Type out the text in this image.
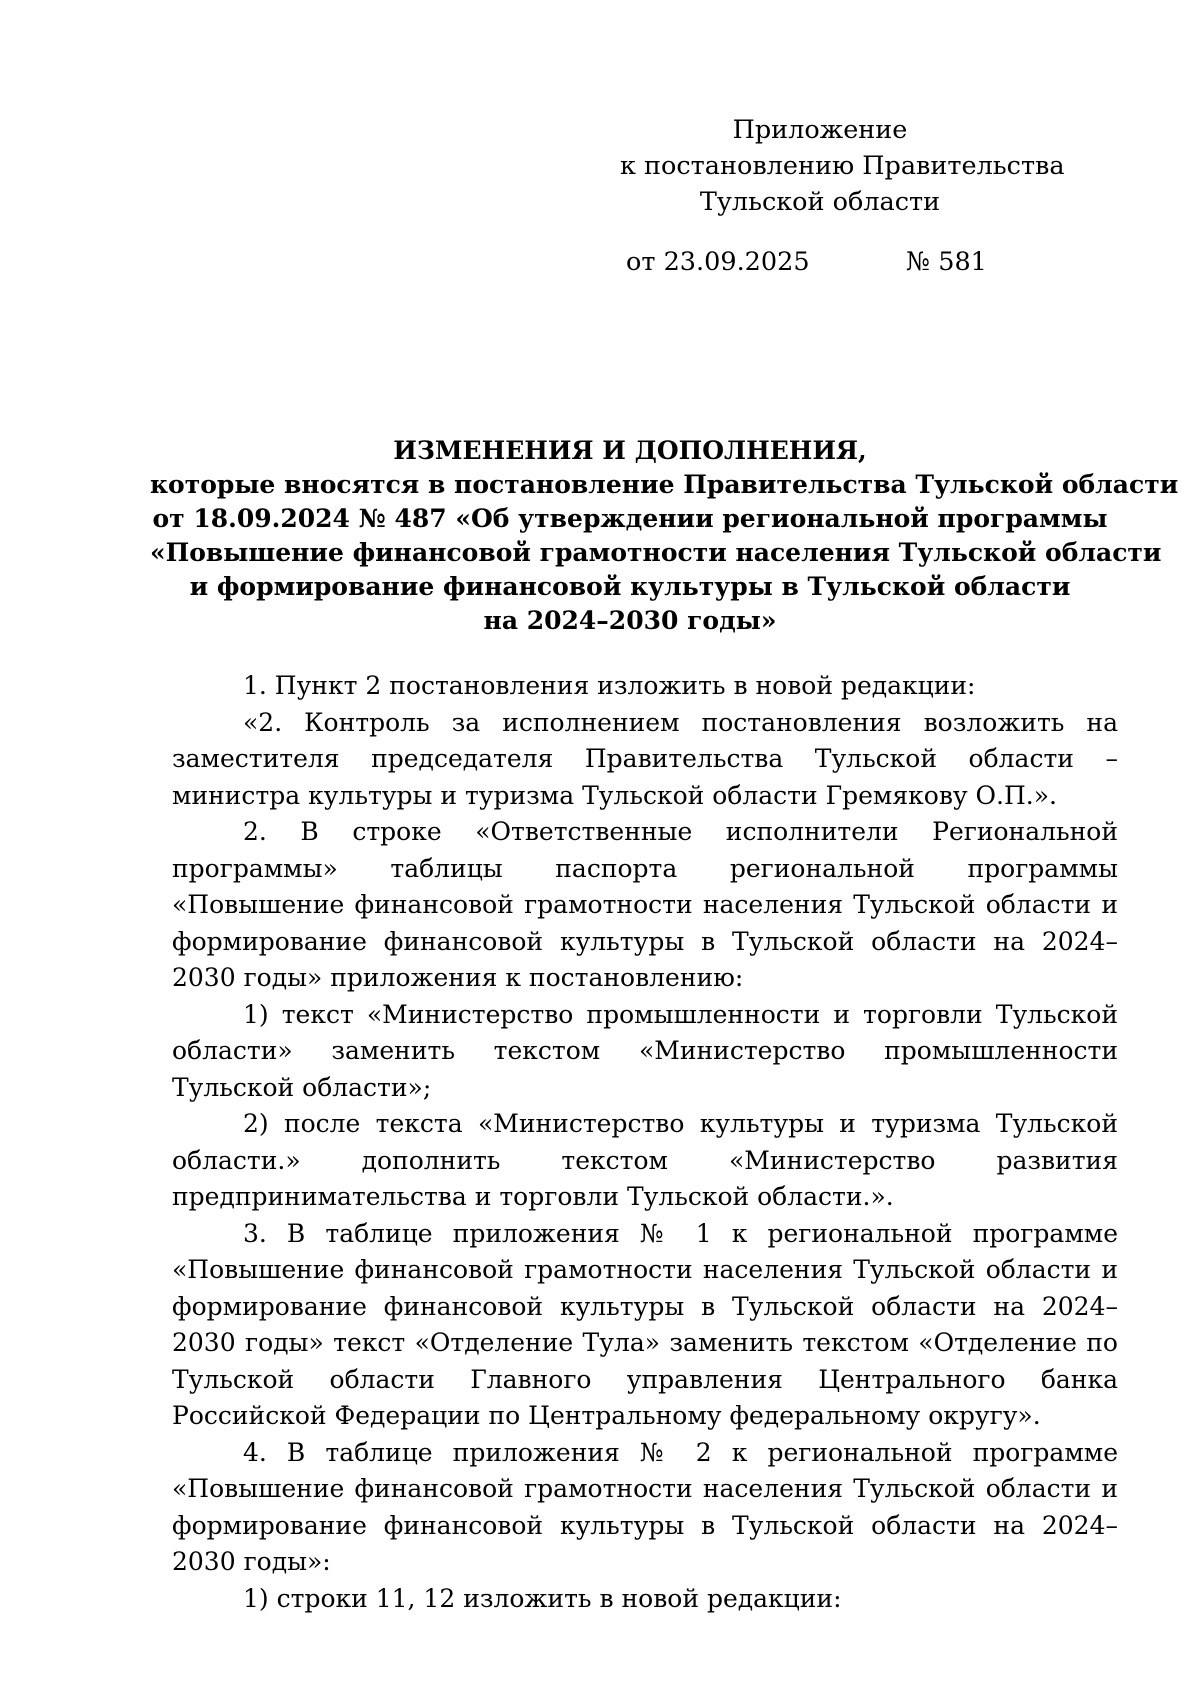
Приложение
к постановлению Правительства
Тульской области
от 23.09.2025	№ 581
ИЗМЕНЕНИЯ И ДОПОЛНЕНИЯ,
которые вносятся в постановление Правительства Тульской области
от 18.09.2024 № 487 «Об утверждении региональной программы
«Повышение финансовой грамотности населения Тульской области
и формирование финансовой культуры в Тульской области
на 2024–2030 годы»

1. Пункт 2 постановления изложить в новой редакции:

«2. Контроль за исполнением постановления возложить на заместителя председателя Правительства Тульской области – министра культуры и туризма Тульской области Гремякову О.П.».

2. В строке «Ответственные исполнители Региональной программы» таблицы паспорта региональной программы «Повышение финансовой грамотности населения Тульской области и формирование финансовой культуры в Тульской области на 2024–2030 годы» приложения к постановлению:

1) текст «Министерство промышленности и торговли Тульской области» заменить текстом «Министерство промышленности Тульской области»;

2) после текста «Министерство культуры и туризма Тульской области.» дополнить текстом «Министерство развития предпринимательства и торговли Тульской области.».

3. В таблице приложения № 1 к региональной программе «Повышение финансовой грамотности населения Тульской области и формирование финансовой культуры в Тульской области на 2024–2030 годы» текст «Отделение Тула» заменить текстом «Отделение по Тульской области Главного управления Центрального банка Российской Федерации по Центральному федеральному округу».

4. В таблице приложения № 2 к региональной программе «Повышение финансовой грамотности населения Тульской области и формирование финансовой культуры в Тульской области на 2024–2030 годы»:

1) строки 11, 12 изложить в новой редакции:
